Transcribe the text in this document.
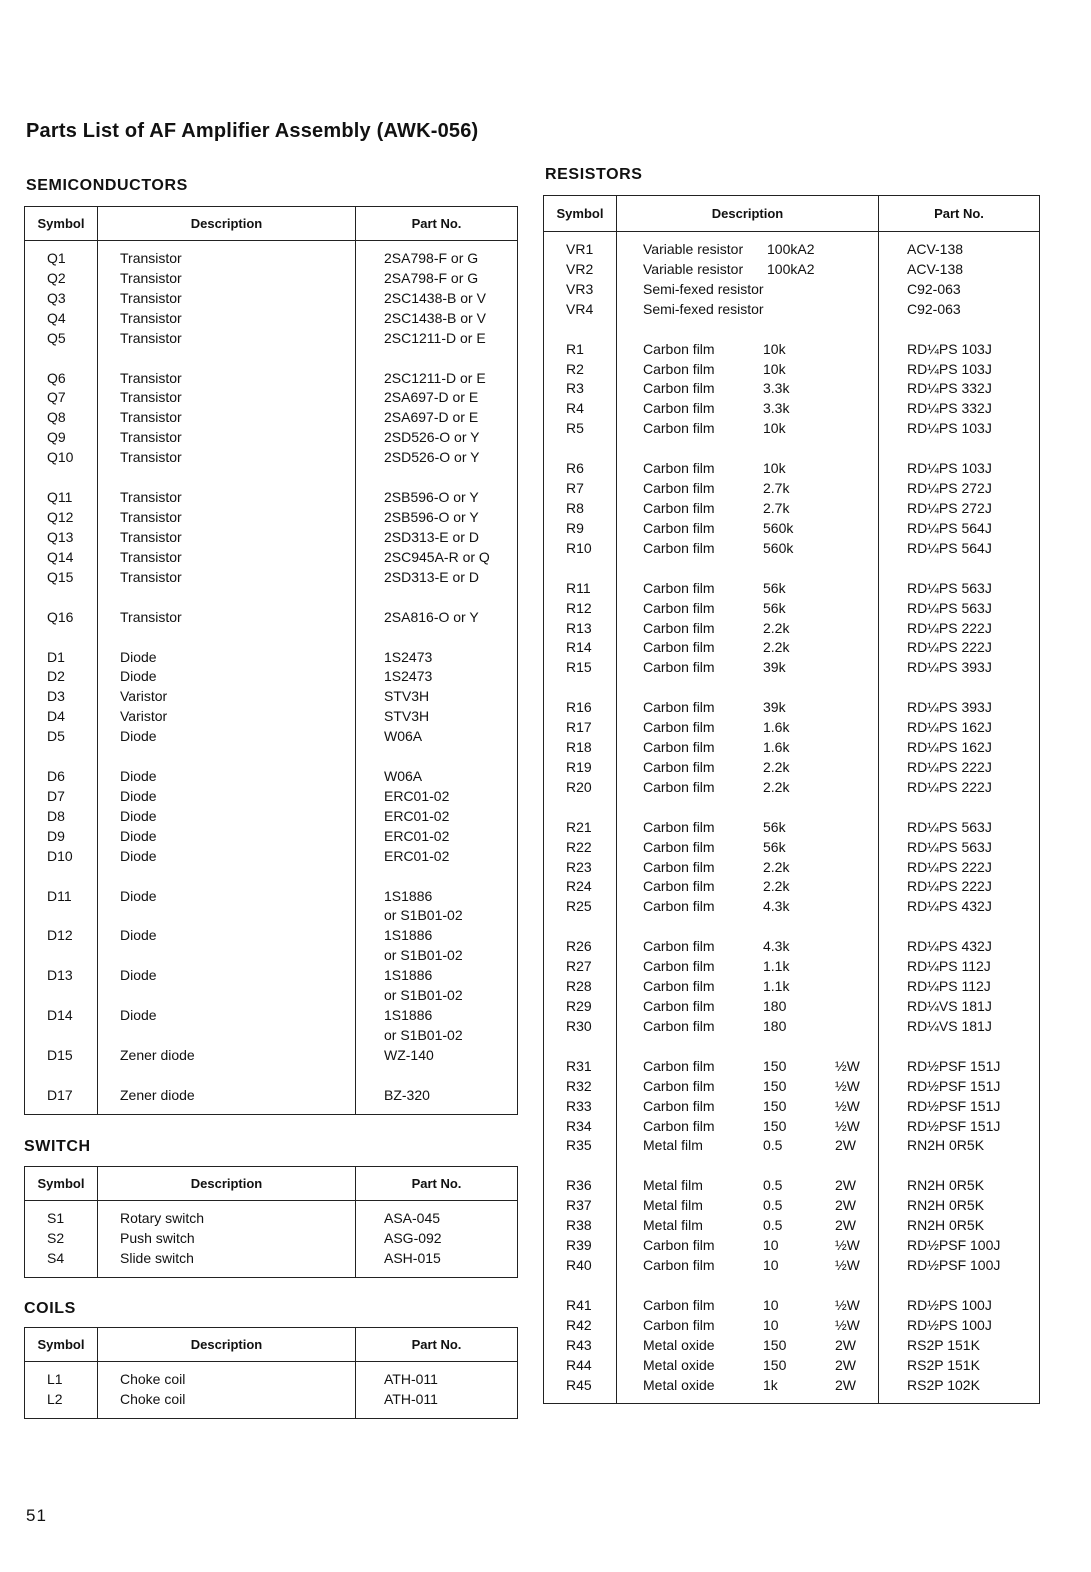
Parts List of AF Amplifier Assembly (AWK-056)
SEMICONDUCTORS
Symbol	Description	Part No.
Q1	Transistor	2SA798-F or G
Q2	Transistor	2SA798-F or G
Q3	Transistor	2SC1438-B or V
Q4	Transistor	2SC1438-B or V
Q5	Transistor	2SC1211-D or E

Q6	Transistor	2SC1211-D or E
Q7	Transistor	2SA697-D or E
Q8	Transistor	2SA697-D or E
Q9	Transistor	2SD526-O or Y
Q10	Transistor	2SD526-O or Y

Q11	Transistor	2SB596-O or Y
Q12	Transistor	2SB596-O or Y
Q13	Transistor	2SD313-E or D
Q14	Transistor	2SC945A-R or Q
Q15	Transistor	2SD313-E or D

Q16	Transistor	2SA816-O or Y

D1	Diode	1S2473
D2	Diode	1S2473
D3	Varistor	STV3H
D4	Varistor	STV3H
D5	Diode	W06A

D6	Diode	W06A
D7	Diode	ERC01-02
D8	Diode	ERC01-02
D9	Diode	ERC01-02
D10	Diode	ERC01-02

D11	Diode	1S1886
		or S1B01-02
D12	Diode	1S1886
		or S1B01-02
D13	Diode	1S1886
		or S1B01-02
D14	Diode	1S1886
		or S1B01-02
D15	Zener diode	WZ-140

D17	Zener diode	BZ-320
SWITCH
Symbol	Description	Part No.
S1	Rotary switch	ASA-045
S2	Push switch	ASG-092
S4	Slide switch	ASH-015
COILS
Symbol	Description	Part No.
L1	Choke coil	ATH-011
L2	Choke coil	ATH-011
RESISTORS
Symbol	Description	Part No.
VR1	Variable resistor 100kA2	ACV-138
VR2	Variable resistor 100kA2	ACV-138
VR3	Semi-fexed resistor	C92-063
VR4	Semi-fexed resistor	C92-063

R1	Carbon film 10k	RD¼PS 103J
R2	Carbon film 10k	RD¼PS 103J
R3	Carbon film 3.3k	RD¼PS 332J
R4	Carbon film 3.3k	RD¼PS 332J
R5	Carbon film 10k	RD¼PS 103J

R6	Carbon film 10k	RD¼PS 103J
R7	Carbon film 2.7k	RD¼PS 272J
R8	Carbon film 2.7k	RD¼PS 272J
R9	Carbon film 560k	RD¼PS 564J
R10	Carbon film 560k	RD¼PS 564J

R11	Carbon film 56k	RD¼PS 563J
R12	Carbon film 56k	RD¼PS 563J
R13	Carbon film 2.2k	RD¼PS 222J
R14	Carbon film 2.2k	RD¼PS 222J
R15	Carbon film 39k	RD¼PS 393J

R16	Carbon film 39k	RD¼PS 393J
R17	Carbon film 1.6k	RD¼PS 162J
R18	Carbon film 1.6k	RD¼PS 162J
R19	Carbon film 2.2k	RD¼PS 222J
R20	Carbon film 2.2k	RD¼PS 222J

R21	Carbon film 56k	RD¼PS 563J
R22	Carbon film 56k	RD¼PS 563J
R23	Carbon film 2.2k	RD¼PS 222J
R24	Carbon film 2.2k	RD¼PS 222J
R25	Carbon film 4.3k	RD¼PS 432J

R26	Carbon film 4.3k	RD¼PS 432J
R27	Carbon film 1.1k	RD¼PS 112J
R28	Carbon film 1.1k	RD¼PS 112J
R29	Carbon film 180	RD¼VS 181J
R30	Carbon film 180	RD¼VS 181J

R31	Carbon film 150 ½W	RD½PSF 151J
R32	Carbon film 150 ½W	RD½PSF 151J
R33	Carbon film 150 ½W	RD½PSF 151J
R34	Carbon film 150 ½W	RD½PSF 151J
R35	Metal film 0.5 2W	RN2H 0R5K

R36	Metal film 0.5 2W	RN2H 0R5K
R37	Metal film 0.5 2W	RN2H 0R5K
R38	Metal film 0.5 2W	RN2H 0R5K
R39	Carbon film 10 ½W	RD½PSF 100J
R40	Carbon film 10 ½W	RD½PSF 100J

R41	Carbon film 10 ½W	RD½PS 100J
R42	Carbon film 10 ½W	RD½PS 100J
R43	Metal oxide 150 2W	RS2P 151K
R44	Metal oxide 150 2W	RS2P 151K
R45	Metal oxide 1k 2W	RS2P 102K
51
